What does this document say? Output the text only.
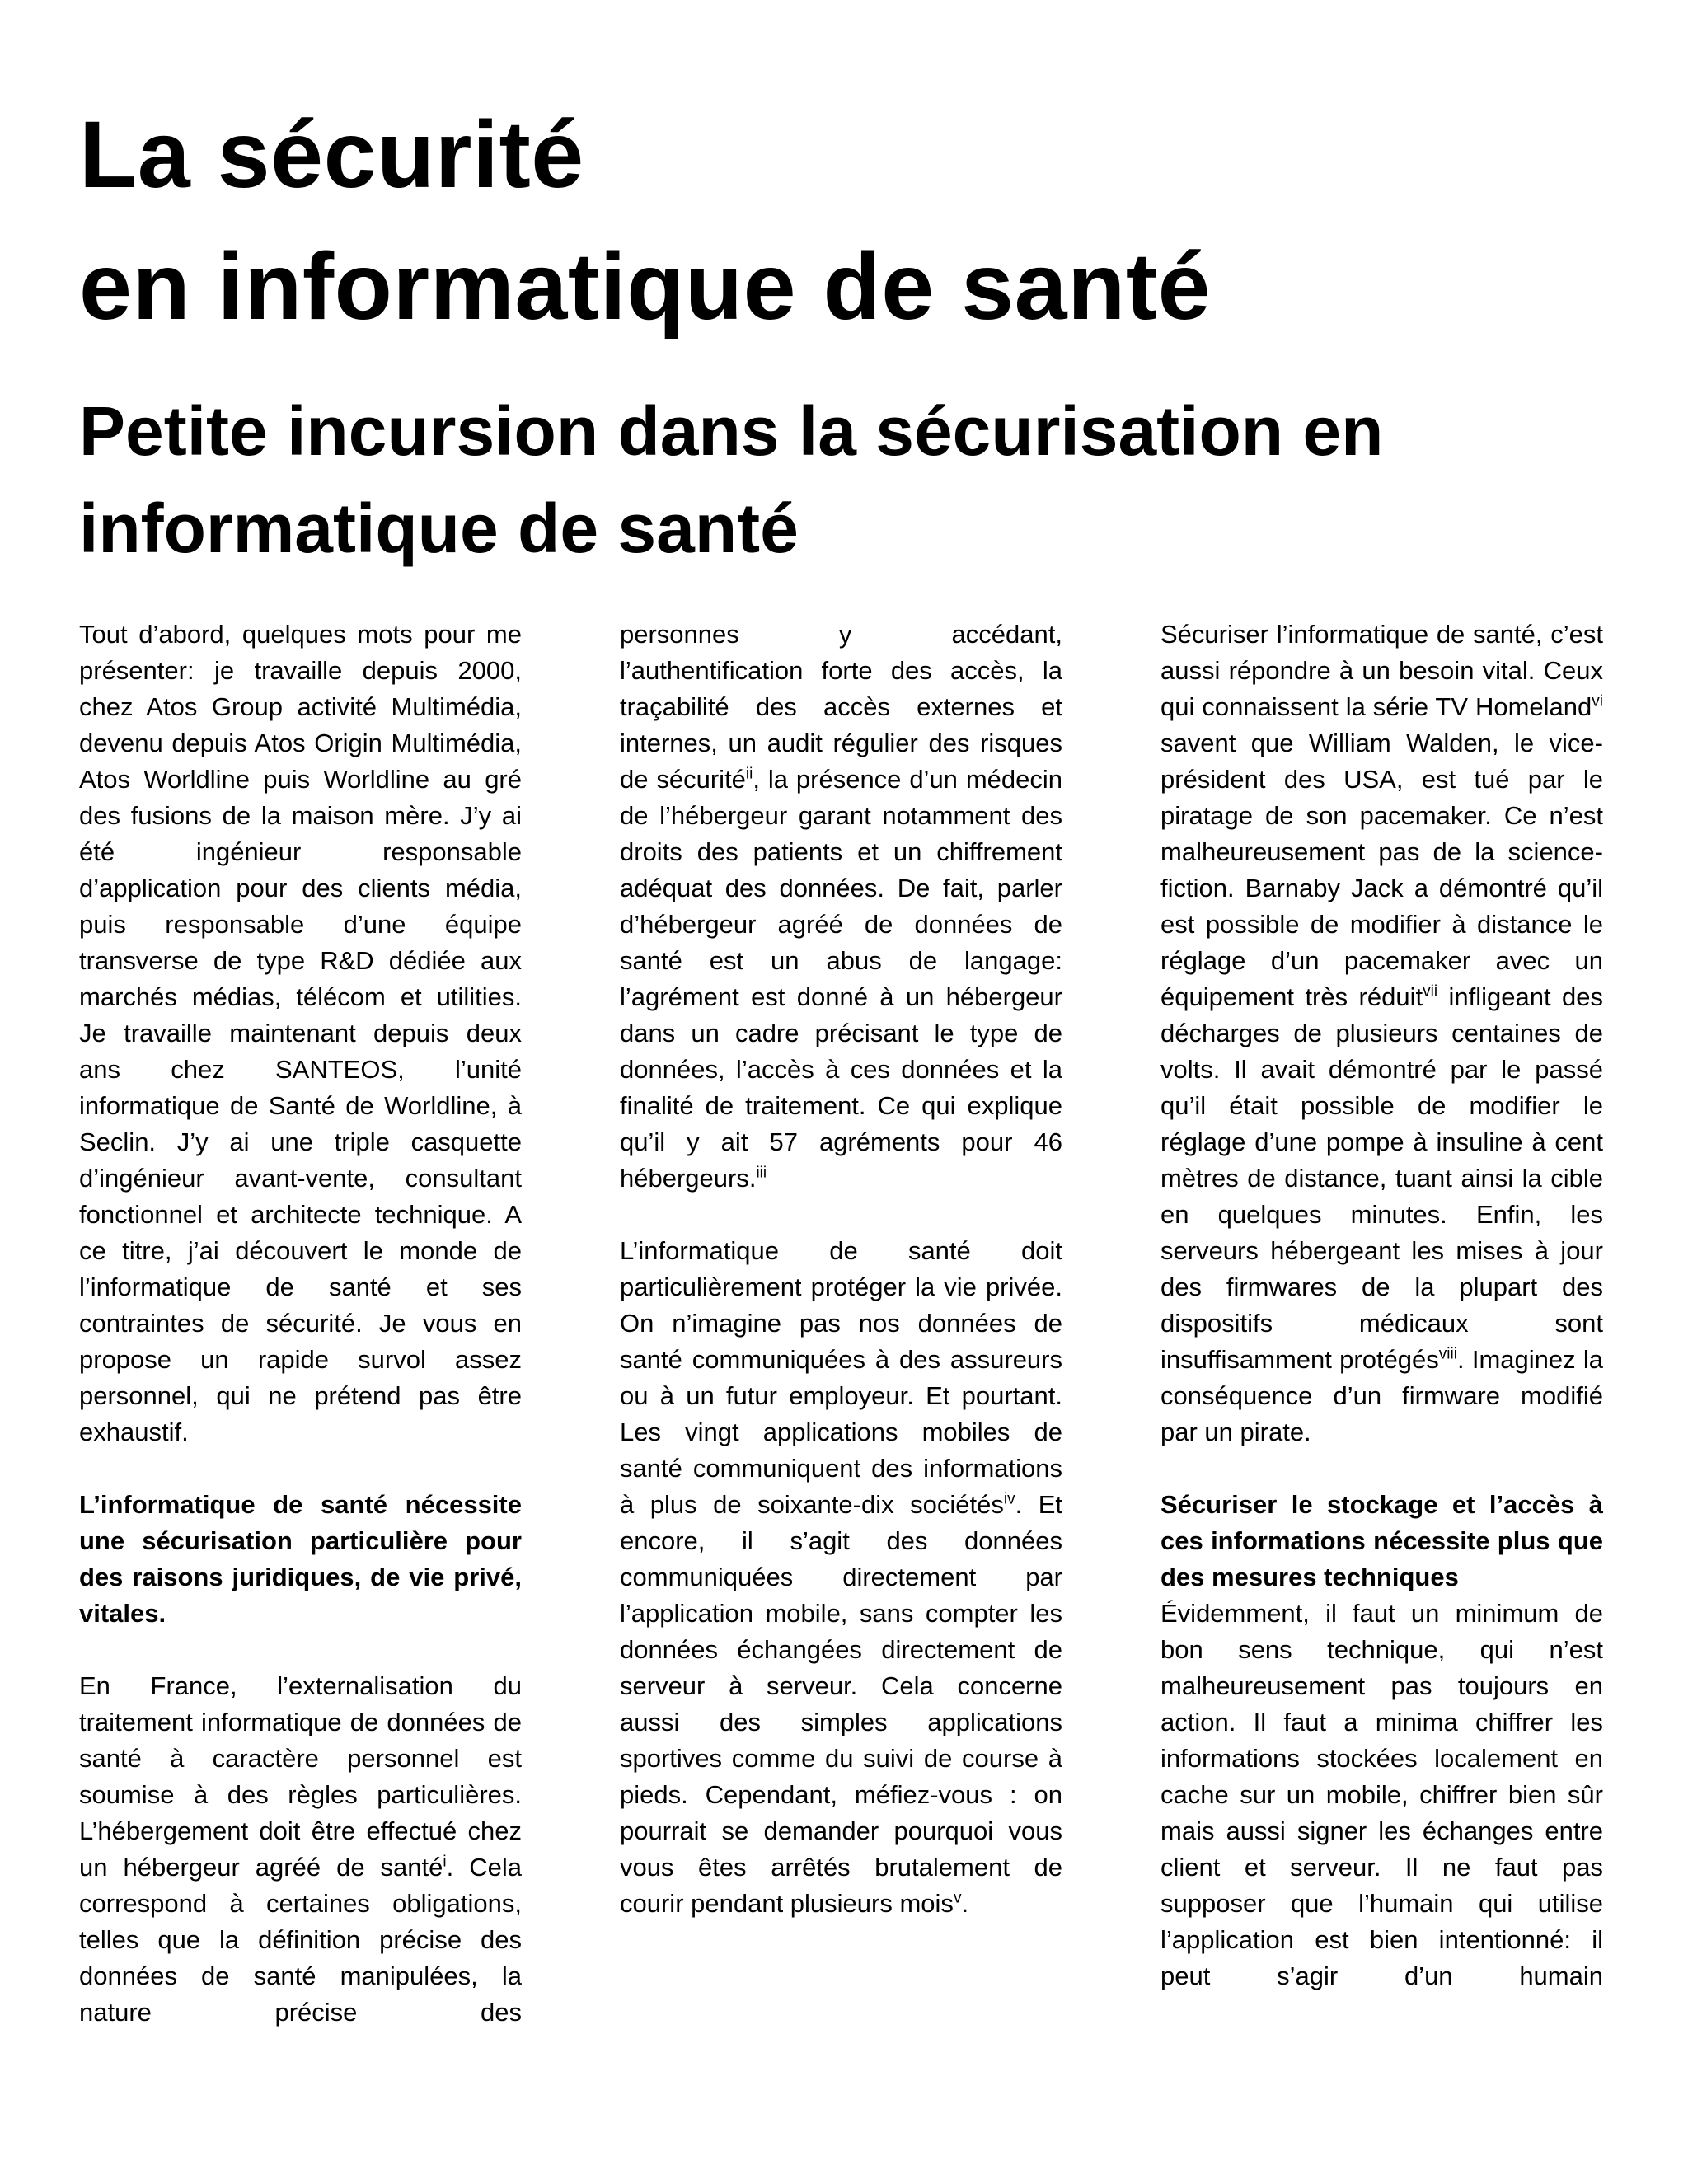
La sécurité
en informatique de santé
Petite incursion dans la sécurisation en
informatique de santé

Tout d’abord, quelques mots pour me présenter: je travaille depuis 2000, chez Atos Group activité Multimédia, devenu depuis Atos Origin Multimédia, Atos Worldline puis Worldline au gré des fusions de la maison mère. J’y ai été ingénieur responsable d’application pour des clients média, puis responsable d’une équipe transverse de type R&D dédiée aux marchés médias, télécom et utilities. Je travaille maintenant depuis deux ans chez SANTEOS, l’unité informatique de Santé de Worldline, à Seclin. J’y ai une triple casquette d’ingénieur avant-vente, consultant fonctionnel et architecte technique. A ce titre, j’ai découvert le monde de l’informatique de santé et ses contraintes de sécurité. Je vous en propose un rapide survol assez personnel, qui ne prétend pas être exhaustif.

L’informatique de santé nécessite une sécurisation particulière pour des raisons juridiques, de vie privé, vitales.

En France, l’externalisation du traitement informatique de données de santé à caractère personnel est soumise à des règles particulières. L’hébergement doit être effectué chez un hébergeur agréé de santé$^i$. Cela correspond à certaines obligations, telles que la définition précise des données de santé manipulées, la nature précise des

personnes y accédant, l’authentification forte des accès, la traçabilité des accès externes et internes, un audit régulier des risques de sécurité$^{ii}$, la présence d’un médecin de l’hébergeur garant notamment des droits des patients et un chiffrement adéquat des données. De fait, parler d’hébergeur agréé de données de santé est un abus de langage: l’agrément est donné à un hébergeur dans un cadre précisant le type de données, l’accès à ces données et la finalité de traitement. Ce qui explique qu’il y ait 57 agréments pour 46 hébergeurs.$^{iii}$

L’informatique de santé doit particulièrement protéger la vie privée. On n’imagine pas nos données de santé communiquées à des assureurs ou à un futur employeur. Et pourtant. Les vingt applications mobiles de santé communiquent des informations à plus de soixante-dix sociétés$^{iv}$. Et encore, il s’agit des données communiquées directement par l’application mobile, sans compter les données échangées directement de serveur à serveur. Cela concerne aussi des simples applications sportives comme du suivi de course à pieds. Cependant, méfiez-vous : on pourrait se demander pourquoi vous vous êtes arrêtés brutalement de courir pendant plusieurs mois$^v$.

Sécuriser l’informatique de santé, c’est aussi répondre à un besoin vital. Ceux qui connaissent la série TV Homeland$^{vi}$ savent que William Walden, le vice-président des USA, est tué par le piratage de son pacemaker. Ce n’est malheureusement pas de la science-fiction. Barnaby Jack a démontré qu’il est possible de modifier à distance le réglage d’un pacemaker avec un équipement très réduit$^{vii}$ infligeant des décharges de plusieurs centaines de volts. Il avait démontré par le passé qu’il était possible de modifier le réglage d’une pompe à insuline à cent mètres de distance, tuant ainsi la cible en quelques minutes. Enfin, les serveurs hébergeant les mises à jour des firmwares de la plupart des dispositifs médicaux sont insuffisamment protégés$^{viii}$. Imaginez la conséquence d’un firmware modifié par un pirate.

Sécuriser le stockage et l’accès à ces informations nécessite plus que des mesures techniques

Évidemment, il faut un minimum de bon sens technique, qui n’est malheureusement pas toujours en action. Il faut a minima chiffrer les informations stockées localement en cache sur un mobile, chiffrer bien sûr mais aussi signer les échanges entre client et serveur. Il ne faut pas supposer que l’humain qui utilise l’application est bien intentionné: il peut s’agir d’un humain
